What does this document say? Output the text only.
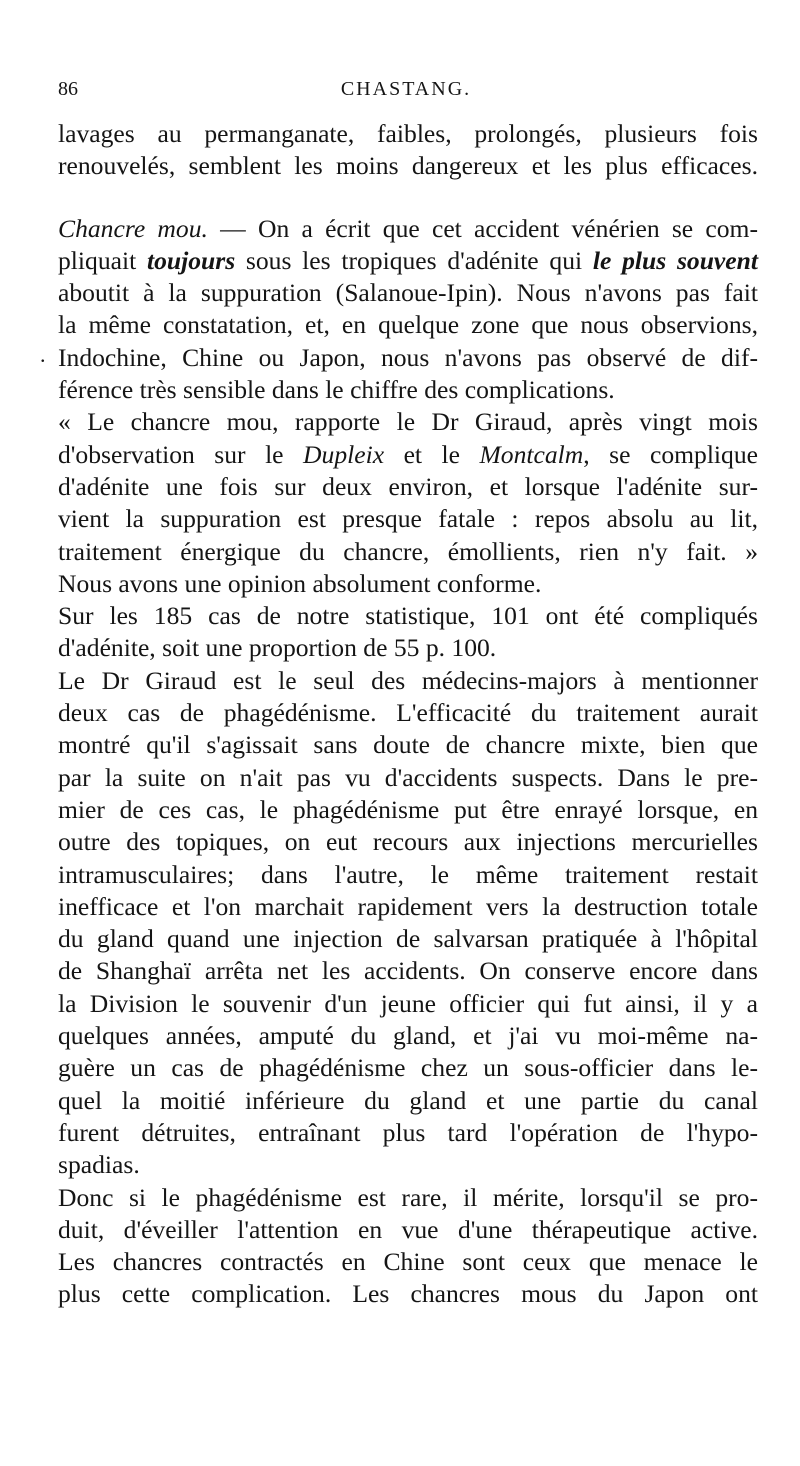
86	CHASTANG.
.

lavages au permanganate, faibles, prolongés, plusieurs fois
renouvelés, semblent les moins dangereux et les plus efficaces.

Chancre mou. — On a écrit que cet accident vénérien se com-
pliquait toujours sous les tropiques d'adénite qui le plus souvent
aboutit à la suppuration (Salanoue-Ipin). Nous n'avons pas fait
la même constatation, et, en quelque zone que nous observions,
Indochine, Chine ou Japon, nous n'avons pas observé de dif-
férence très sensible dans le chiffre des complications.

« Le chancre mou, rapporte le Dr Giraud, après vingt mois
d'observation sur le Dupleix et le Montcalm, se complique
d'adénite une fois sur deux environ, et lorsque l'adénite sur-
vient la suppuration est presque fatale : repos absolu au lit,
traitement énergique du chancre, émollients, rien n'y fait. »
Nous avons une opinion absolument conforme.

Sur les 185 cas de notre statistique, 101 ont été compliqués
d'adénite, soit une proportion de 55 p. 100.

Le Dr Giraud est le seul des médecins-majors à mentionner
deux cas de phagédénisme. L'efficacité du traitement aurait
montré qu'il s'agissait sans doute de chancre mixte, bien que
par la suite on n'ait pas vu d'accidents suspects. Dans le pre-
mier de ces cas, le phagédénisme put être enrayé lorsque, en
outre des topiques, on eut recours aux injections mercurielles
intramusculaires; dans l'autre, le même traitement restait
inefficace et l'on marchait rapidement vers la destruction totale
du gland quand une injection de salvarsan pratiquée à l'hôpital
de Shanghaï arrêta net les accidents. On conserve encore dans
la Division le souvenir d'un jeune officier qui fut ainsi, il y a
quelques années, amputé du gland, et j'ai vu moi-même na-
guère un cas de phagédénisme chez un sous-officier dans le-
quel la moitié inférieure du gland et une partie du canal
furent détruites, entraînant plus tard l'opération de l'hypo-
spadias.

Donc si le phagédénisme est rare, il mérite, lorsqu'il se pro-
duit, d'éveiller l'attention en vue d'une thérapeutique active.
Les chancres contractés en Chine sont ceux que menace le
plus cette complication. Les chancres mous du Japon ont
